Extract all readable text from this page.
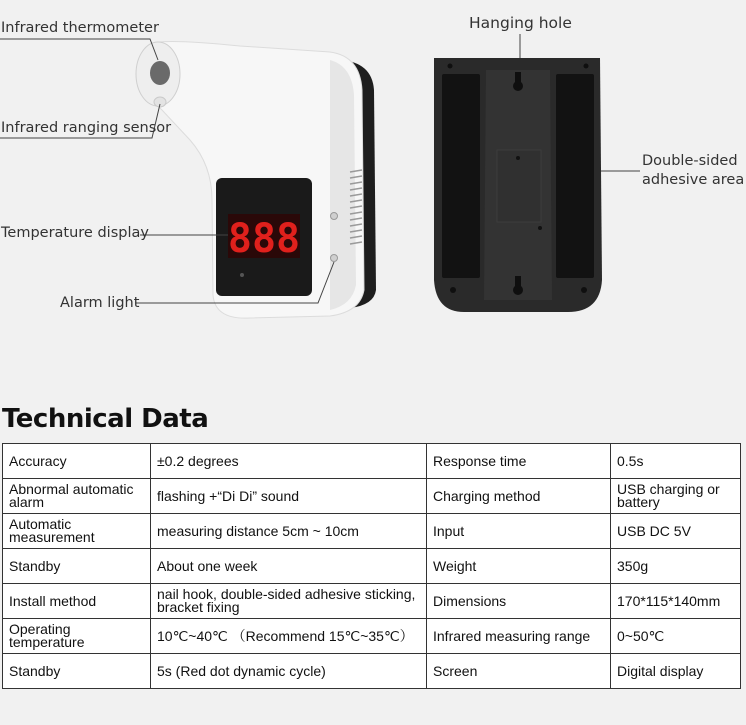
888
Infrared thermometer
Infrared ranging sensor
Temperature display
Alarm light
Hanging hole
Double-sided
adhesive area
Technical Data
Accuracy	±0.2 degrees	Response time	0.5s
Abnormal automatic alarm	flashing +“Di Di” sound	Charging method	USB charging or battery
Automatic measurement	measuring distance 5cm ~ 10cm	Input	USB DC 5V
Standby	About one week	Weight	350g
Install method	nail hook, double-sided adhesive sticking, bracket fixing	Dimensions	170*115*140mm
Operating temperature	10℃~40℃ （Recommend 15℃~35℃）	Infrared measuring range	0~50℃
Standby	5s (Red dot dynamic cycle)	Screen	Digital display
